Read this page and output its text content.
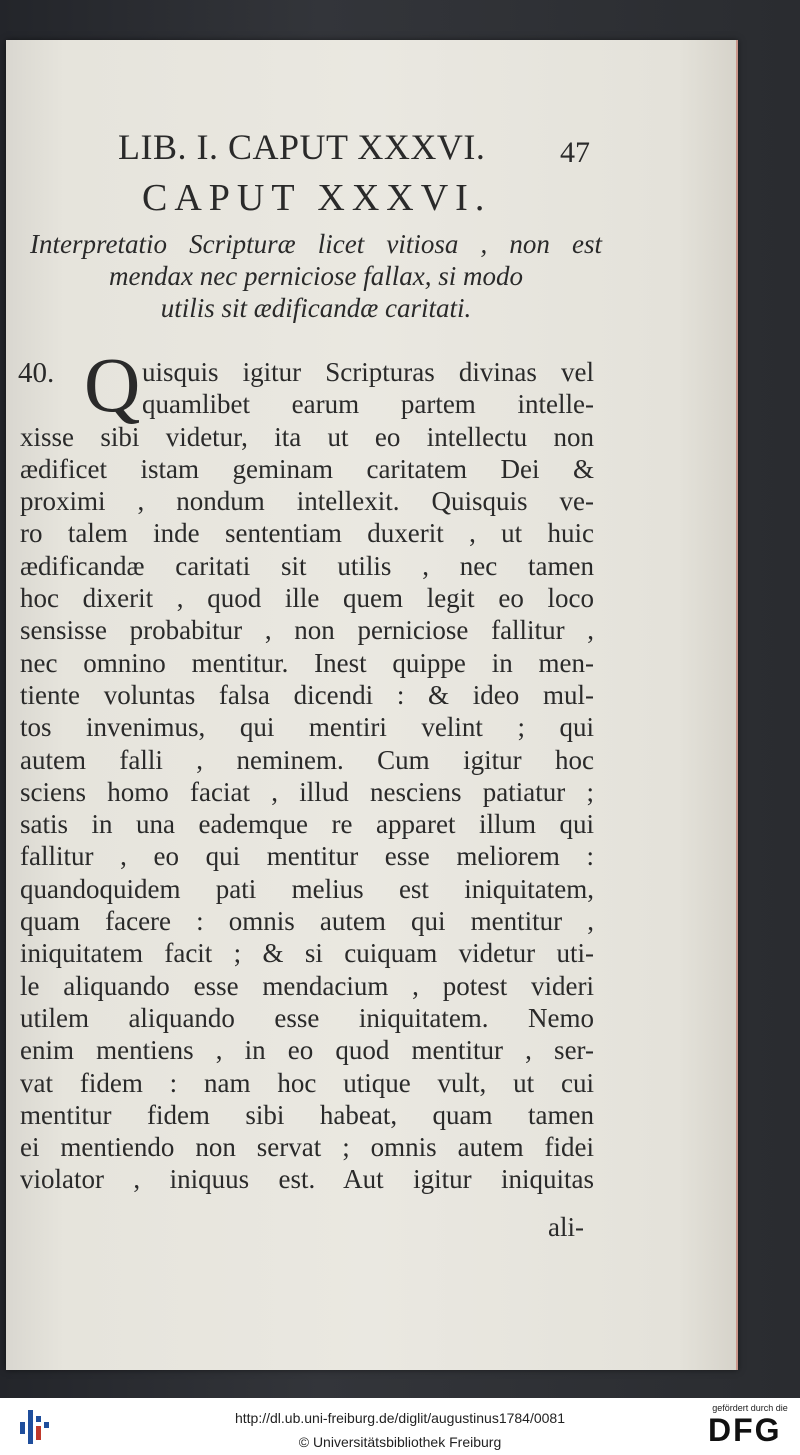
LIB. I. CAPUT XXXVI. 47
CAPUT XXXVI.
Interpretatio Scripturæ licet vitiosa , non est
mendax nec perniciose fallax, si modo
utilis sit ædificandæ caritati.
40. Q uisquis igitur Scripturas divinas vel
quamlibet earum partem intelle-
xisse sibi videtur, ita ut eo intellectu non
ædificet istam geminam caritatem Dei &
proximi , nondum intellexit. Quisquis ve-
ro talem inde sententiam duxerit , ut huic
ædificandæ caritati sit utilis , nec tamen
hoc dixerit , quod ille quem legit eo loco
sensisse probabitur , non perniciose fallitur ,
nec omnino mentitur. Inest quippe in men-
tiente voluntas falsa dicendi : & ideo mul-
tos invenimus, qui mentiri velint ; qui
autem falli , neminem. Cum igitur hoc
sciens homo faciat , illud nesciens patiatur ;
satis in una eademque re apparet illum qui
fallitur , eo qui mentitur esse meliorem :
quandoquidem pati melius est iniquitatem,
quam facere : omnis autem qui mentitur ,
iniquitatem facit ; & si cuiquam videtur uti-
le aliquando esse mendacium , potest videri
utilem aliquando esse iniquitatem. Nemo
enim mentiens , in eo quod mentitur , ser-
vat fidem : nam hoc utique vult, ut cui
mentitur fidem sibi habeat, quam tamen
ei mentiendo non servat ; omnis autem fidei
violator , iniquus est. Aut igitur iniquitas
ali-
http://dl.ub.uni-freiburg.de/diglit/augustinus1784/0081
© Universitätsbibliothek Freiburg
gefördert durch die
DFG
